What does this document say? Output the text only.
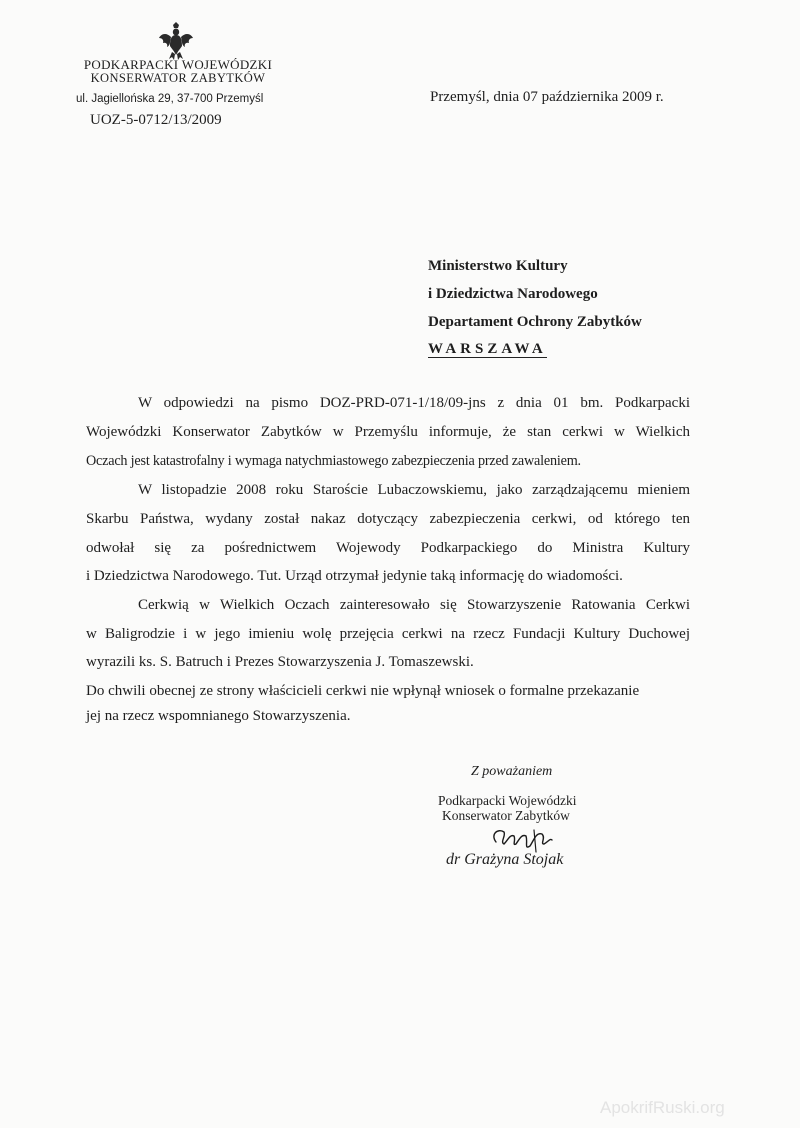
PODKARPACKI WOJEWÓDZKI
KONSERWATOR ZABYTKÓW
ul. Jagiellońska 29, 37-700 Przemyśl
UOZ-5-0712/13/2009
Przemyśl, dnia 07 października 2009 r.
Ministerstwo Kultury
i Dziedzictwa Narodowego
Departament Ochrony Zabytków
WARSZAWA
W odpowiedzi na pismo DOZ-PRD-071-1/18/09-jns z dnia 01 bm. Podkarpacki
Wojewódzki Konserwator Zabytków w Przemyślu informuje, że stan cerkwi w Wielkich
Oczach jest katastrofalny i wymaga natychmiastowego zabezpieczenia przed zawaleniem.
W listopadzie 2008 roku Staroście Lubaczowskiemu, jako zarządzającemu mieniem
Skarbu Państwa, wydany został nakaz dotyczący zabezpieczenia cerkwi, od którego ten
odwołał się za pośrednictwem Wojewody Podkarpackiego do Ministra Kultury
i Dziedzictwa Narodowego. Tut. Urząd otrzymał jedynie taką informację do wiadomości.
Cerkwią w Wielkich Oczach zainteresowało się Stowarzyszenie Ratowania Cerkwi
w Baligrodzie i w jego imieniu wolę przejęcia cerkwi na rzecz Fundacji Kultury Duchowej
wyrazili ks. S. Batruch i Prezes Stowarzyszenia J. Tomaszewski.
Do chwili obecnej ze strony właścicieli cerkwi nie wpłynął wniosek o formalne przekazanie
jej na rzecz wspomnianego Stowarzyszenia.
Z poważaniem
Podkarpacki Wojewódzki
Konserwator Zabytków
dr Grażyna Stojak
ApokrifRuski.org
